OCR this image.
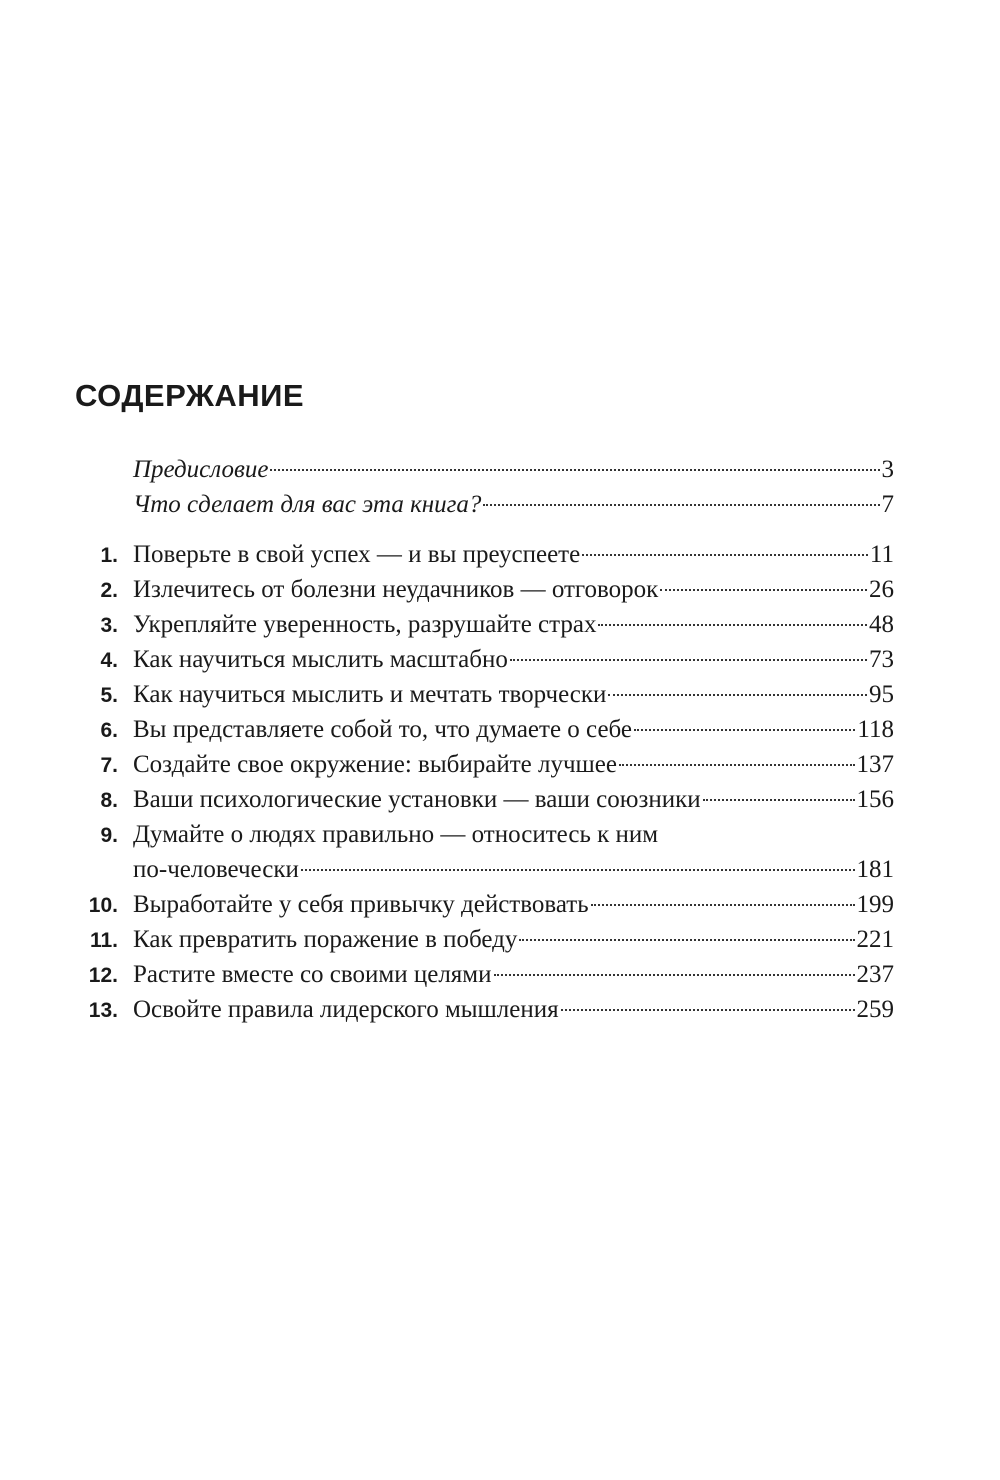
СОДЕРЖАНИЕ
Предисловие	3
Что сделает для вас эта книга?	7
1. Поверьте в свой успех — и вы преуспеете	11
2. Излечитесь от болезни неудачников — отговорок	26
3. Укрепляйте уверенность, разрушайте страх	48
4. Как научиться мыслить масштабно	73
5. Как научиться мыслить и мечтать творчески	95
6. Вы представляете собой то, что думаете о себе	118
7. Создайте свое окружение: выбирайте лучшее	137
8. Ваши психологические установки — ваши союзники	156
9. Думайте о людях правильно — относитесь к ним
по-человечески	181
10. Выработайте у себя привычку действовать	199
11. Как превратить поражение в победу	221
12. Растите вместе со своими целями	237
13. Освойте правила лидерского мышления	259
